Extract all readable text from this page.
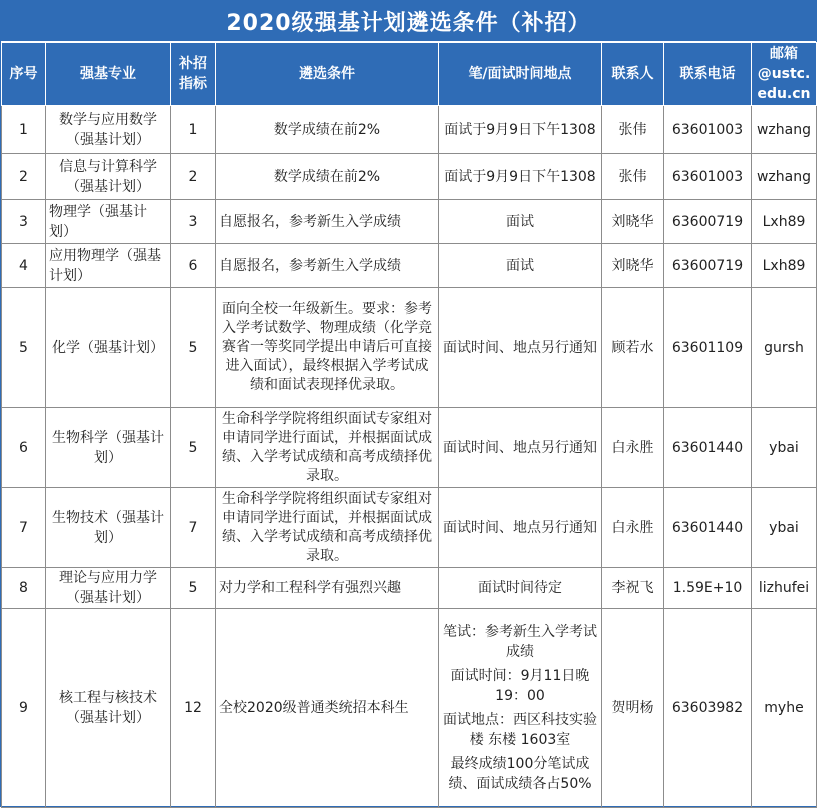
2020级强基计划遴选条件（补招）
序号	强基专业	补招指标	遴选条件	笔/面试时间地点	联系人	联系电话	邮箱
@ustc.
edu.cn

1	数学与应用数学（强基计划）	1	数学成绩在前2%	面试于9月9日下午1308	张伟	63601003	wzhang
2	信息与计算科学（强基计划）	2	数学成绩在前2%	面试于9月9日下午1308	张伟	63601003	wzhang
3	物理学（强基计划）	3	自愿报名，参考新生入学成绩	面试	刘晓华	63600719	Lxh89
4	应用物理学（强基计划）	6	自愿报名，参考新生入学成绩	面试	刘晓华	63600719	Lxh89
5	化学（强基计划）	5	面向全校一年级新生。要求：参考入学考试数学、物理成绩（化学竞赛省一等奖同学提出申请后可直接进入面试），最终根据入学考试成绩和面试表现择优录取。	面试时间、地点另行通知	顾若水	63601109	gursh
6	生物科学（强基计划）	5	生命科学学院将组织面试专家组对申请同学进行面试，并根据面试成绩、入学考试成绩和高考成绩择优录取。	面试时间、地点另行通知	白永胜	63601440	ybai
7	生物技术（强基计划）	7	生命科学学院将组织面试专家组对申请同学进行面试，并根据面试成绩、入学考试成绩和高考成绩择优录取。	面试时间、地点另行通知	白永胜	63601440	ybai
8	理论与应用力学（强基计划）	5	对力学和工程科学有强烈兴趣	面试时间待定	李祝飞	1.59E+10	lizhufei
9	核工程与核技术（强基计划）	12	全校2020级普通类统招本科生	笔试：参考新生入学考试成绩
面试时间：9月11日晚19：00
面试地点：西区科技实验楼 东楼 1603室
最终成绩100分笔试成绩、面试成绩各占50%	贺明杨	63603982	myhe
